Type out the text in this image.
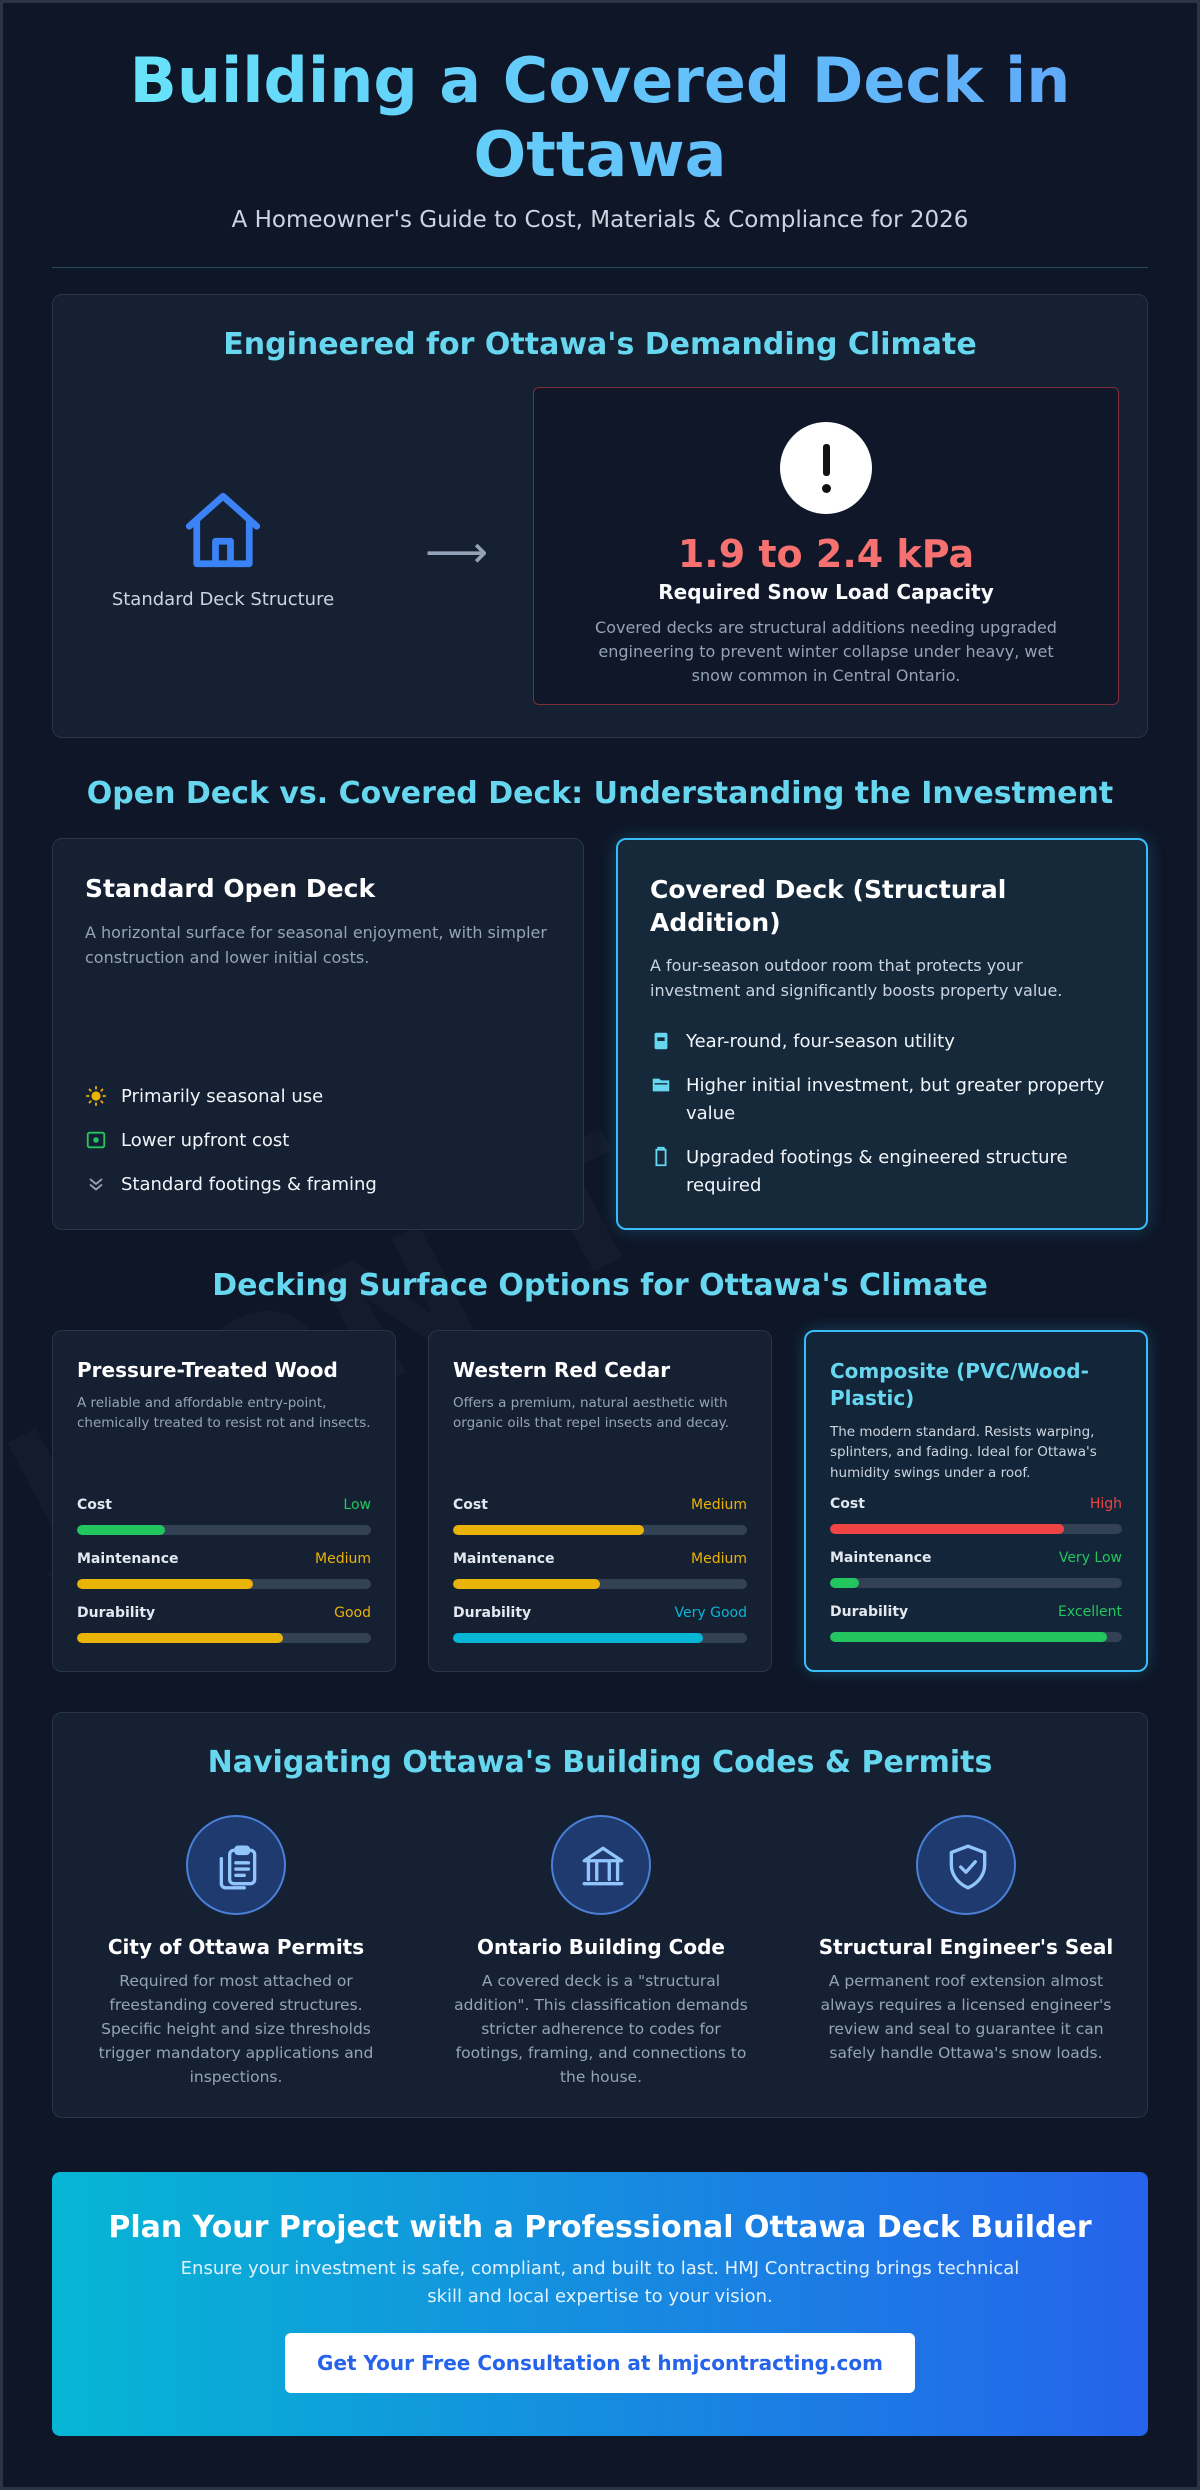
Building a Covered Deck in Ottawa
A Homeowner's Guide to Cost, Materials & Compliance for 2026
Engineered for Ottawa's Demanding Climate
Standard Deck Structure
⟶	1.9 to 2.4 kPa
Required Snow Load Capacity
Covered decks are structural additions needing upgraded engineering to prevent winter collapse under heavy, wet snow common in Central Ontario.
Open Deck vs. Covered Deck: Understanding the Investment
Standard Open Deck
A horizontal surface for seasonal enjoyment, with simpler construction and lower initial costs.
Primarily seasonal use
Lower upfront cost
Standard footings & framing
Covered Deck (Structural Addition)
A four-season outdoor room that protects your investment and significantly boosts property value.
Year-round, four-season utility
Higher initial investment, but greater property value
Upgraded footings & engineered structure required
Decking Surface Options for Ottawa's Climate
Pressure-Treated Wood
A reliable and affordable entry-point, chemically treated to resist rot and insects.
Cost	Low
Maintenance	Medium
Durability	Good
Western Red Cedar
Offers a premium, natural aesthetic with organic oils that repel insects and decay.
Cost	Medium
Maintenance	Medium
Durability	Very Good
Composite (PVC/Wood-Plastic)
The modern standard. Resists warping, splinters, and fading. Ideal for Ottawa's humidity swings under a roof.
Cost	High
Maintenance	Very Low
Durability	Excellent
Navigating Ottawa's Building Codes & Permits
City of Ottawa Permits
Required for most attached or freestanding covered structures. Specific height and size thresholds trigger mandatory applications and inspections.
Ontario Building Code
A covered deck is a "structural addition". This classification demands stricter adherence to codes for footings, framing, and connections to the house.
Structural Engineer's Seal
A permanent roof extension almost always requires a licensed engineer's review and seal to guarantee it can safely handle Ottawa's snow loads.
Plan Your Project with a Professional Ottawa Deck Builder
Ensure your investment is safe, compliant, and built to last. HMJ Contracting brings technical skill and local expertise to your vision.
Get Your Free Consultation at hmjcontracting.com
